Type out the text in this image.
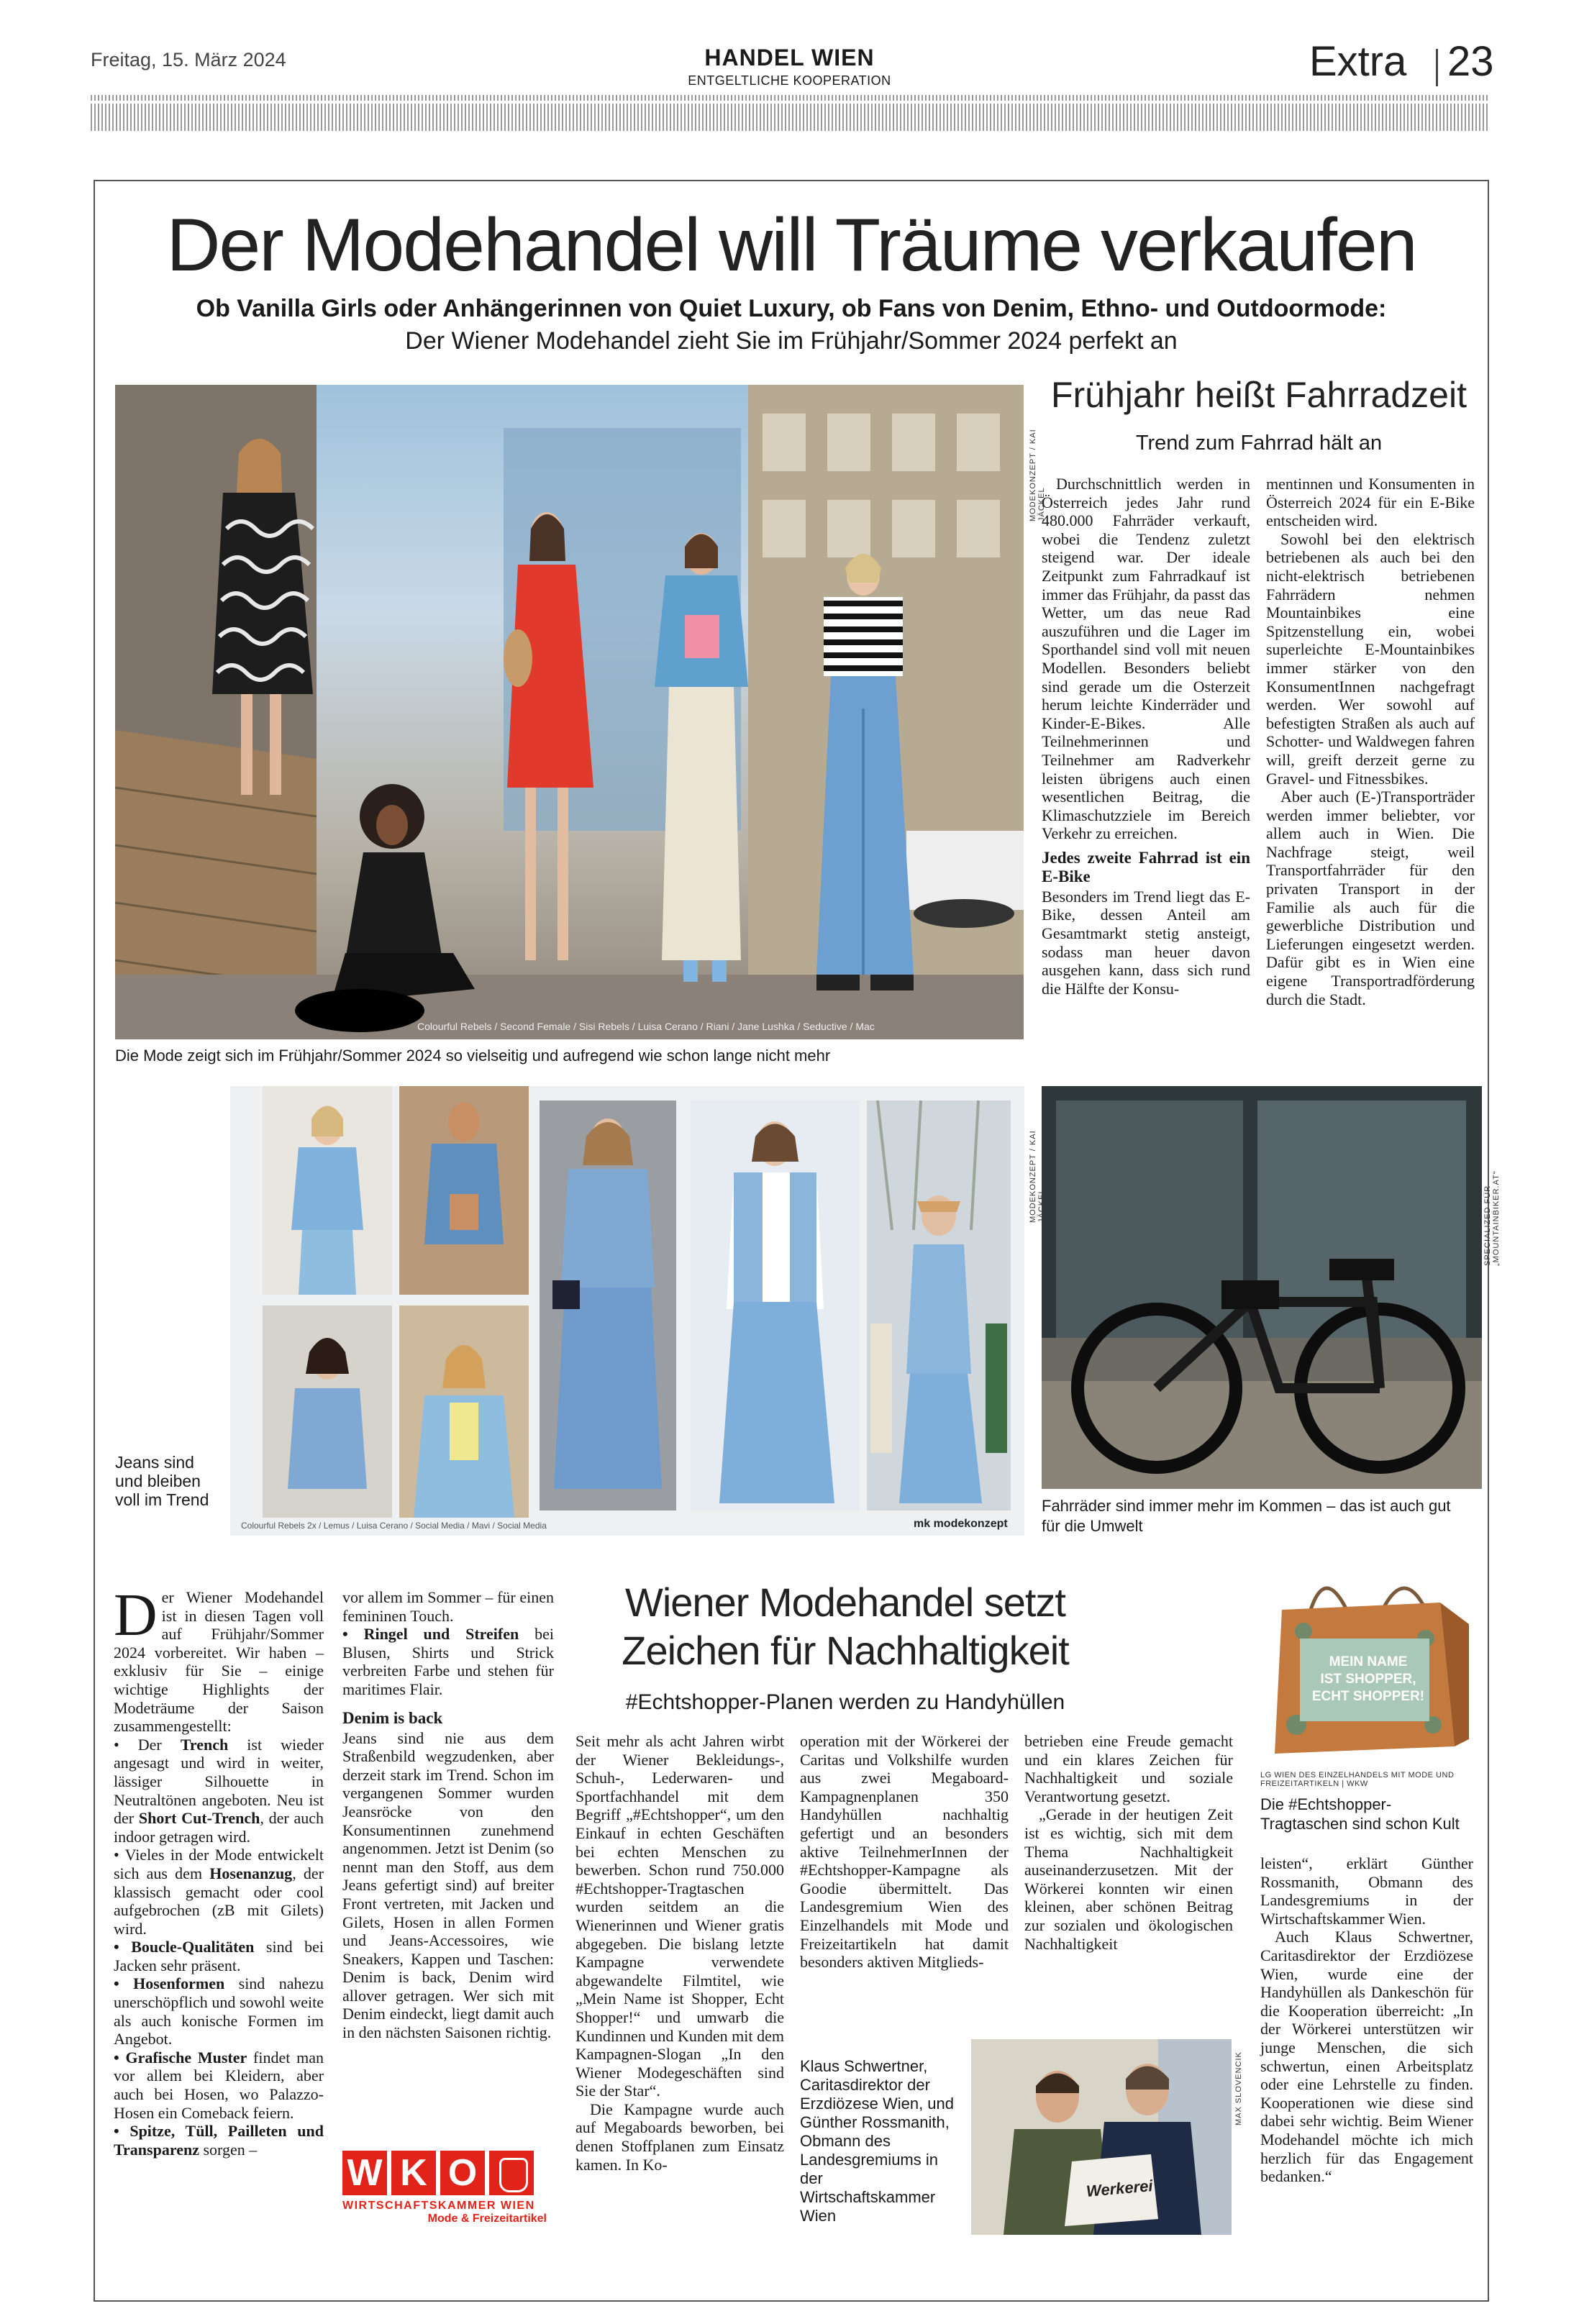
Freitag, 15. März 2024	HANDEL WIEN
ENTGELTLICHE KOOPERATION	Extra 23
Der Modehandel will Träume verkaufen
Ob Vanilla Girls oder Anhängerinnen von Quiet Luxury, ob Fans von Denim, Ethno- und Outdoormode:
Der Wiener Modehandel zieht Sie im Frühjahr/Sommer 2024 perfekt an
Colourful Rebels / Second Female / Sisi Rebels / Luisa Cerano / Riani / Jane Lushka / Seductive / Mac
MODEKONZEPT / KAI JÄCKEL
Die Mode zeigt sich im Frühjahr/Sommer 2024 so vielseitig und aufregend wie schon lange nicht mehr
Frühjahr heißt Fahrradzeit
Trend zum Fahrrad hält an

Durchschnittlich werden in Österreich jedes Jahr rund 480.000 Fahrräder verkauft, wobei die Tendenz zuletzt steigend war. Der ideale Zeitpunkt zum Fahrradkauf ist immer das Frühjahr, da passt das Wetter, um das neue Rad auszuführen und die Lager im Sporthandel sind voll mit neuen Modellen. Besonders beliebt sind gerade um die Osterzeit herum leichte Kinderräder und Kinder-E-Bikes. Alle Teilnehmerinnen und Teilnehmer am Radverkehr leisten übrigens auch einen wesentlichen Beitrag, die Klimaschutzziele im Bereich Verkehr zu erreichen.

Jedes zweite Fahrrad ist ein E-Bike

Besonders im Trend liegt das E-Bike, dessen Anteil am Gesamtmarkt stetig ansteigt, sodass man heuer davon ausgehen kann, dass sich rund die Hälfte der Konsu-

mentinnen und Konsumenten in Österreich 2024 für ein E-Bike entscheiden wird.

Sowohl bei den elektrisch betriebenen als auch bei den nicht-elektrisch betriebenen Fahrrädern nehmen Mountainbikes eine Spitzenstellung ein, wobei superleichte E-Mountainbikes immer stärker von den KonsumentInnen nachgefragt werden. Wer sowohl auf befestigten Straßen als auch auf Schotter- und Waldwegen fahren will, greift derzeit gerne zu Gravel- und Fitnessbikes.

Aber auch (E-)Transporträder werden immer beliebter, vor allem auch in Wien. Die Nachfrage steigt, weil Transportfahrräder für den privaten Transport in der Familie als auch für die gewerbliche Distribution und Lieferungen eingesetzt werden. Dafür gibt es in Wien eine eigene Transportradförderung durch die Stadt.

Colourful Rebels 2x / Lemus / Luisa Cerano / Social Media / Mavi / Social Media	mk modekonzept
MODEKONZEPT / KAI
Jeans sind und bleiben voll im Trend
SPECIALIZED FÜR „MOUNTAINBIKER.AT“
Fahrräder sind immer mehr im Kommen – das ist auch gut für die Umwelt

Der Wiener Modehandel ist in diesen Tagen voll auf Frühjahr/Sommer 2024 vorbereitet. Wir haben – exklusiv für Sie – einige wichtige Highlights der Modeträume der Saison zusammengestellt:

• Der Trench ist wieder angesagt und wird in weiter, lässiger Silhouette in Neutraltönen angeboten. Neu ist der Short Cut-Trench, der auch indoor getragen wird.

• Vieles in der Mode entwickelt sich aus dem Hosenanzug, der klassisch gemacht oder cool aufgebrochen (zB mit Gilets) wird.

• Boucle-Qualitäten sind bei Jacken sehr präsent.

• Hosenformen sind nahezu unerschöpflich und sowohl weite als auch konische Formen im Angebot.

• Grafische Muster findet man vor allem bei Kleidern, aber auch bei Hosen, wo Palazzo-Hosen ein Comeback feiern.

• Spitze, Tüll, Pailleten und Transparenz sorgen –

vor allem im Sommer – für einen femininen Touch.

• Ringel und Streifen bei Blusen, Shirts und Strick verbreiten Farbe und stehen für maritimes Flair.

Denim is back

Jeans sind nie aus dem Straßenbild wegzudenken, aber derzeit stark im Trend. Schon im vergangenen Sommer wurden Jeansröcke von den Konsumentinnen zunehmend angenommen. Jetzt ist Denim (so nennt man den Stoff, aus dem Jeans gefertigt sind) auf breiter Front vertreten, mit Jacken und Gilets, Hosen in allen Formen und Jeans-Accessoires, wie Sneakers, Kappen und Taschen: Denim is back, Denim wird allover getragen. Wer sich mit Denim eindeckt, liegt damit auch in den nächsten Saisonen richtig.

W K O
WIRTSCHAFTSKAMMER WIEN
Mode & Freizeitartikel
Wiener Modehandel setzt
Zeichen für Nachhaltigkeit
#Echtshopper-Planen werden zu Handyhüllen

Seit mehr als acht Jahren wirbt der Wiener Bekleidungs-, Schuh-, Lederwaren- und Sportfachhandel mit dem Begriff „#Echtshopper“, um den Einkauf in echten Geschäften bei echten Menschen zu bewerben. Schon rund 750.000 #Echtshopper-Tragtaschen wurden seitdem an die Wienerinnen und Wiener gratis abgegeben. Die bislang letzte Kampagne verwendete abgewandelte Filmtitel, wie „Mein Name ist Shopper, Echt Shopper!“ und umwarb die Kundinnen und Kunden mit dem Kampagnen-Slogan „In den Wiener Modegeschäften sind Sie der Star“.

Die Kampagne wurde auch auf Megaboards beworben, bei denen Stoffplanen zum Einsatz kamen. In Ko-

operation mit der Wörkerei der Caritas und Volkshilfe wurden aus zwei Megaboard-Kampagnenplanen 350 Handyhüllen nachhaltig gefertigt und an besonders aktive TeilnehmerInnen der #Echtshopper-Kampagne als Goodie übermittelt. Das Landesgremium Wien des Einzelhandels mit Mode und Freizeitartikeln hat damit besonders aktiven Mitglieds-

betrieben eine Freude gemacht und ein klares Zeichen für Nachhaltigkeit und soziale Verantwortung gesetzt.

„Gerade in der heutigen Zeit ist es wichtig, sich mit dem Thema Nachhaltigkeit auseinanderzusetzen. Mit der Wörkerei konnten wir einen kleinen, aber schönen Beitrag zur sozialen und ökologischen Nachhaltigkeit

leisten“, erklärt Günther Rossmanith, Obmann des Landesgremiums in der Wirtschaftskammer Wien.

Auch Klaus Schwertner, Caritasdirektor der Erzdiözese Wien, wurde eine der Handyhüllen als Dankeschön für die Kooperation überreicht: „In der Wörkerei unterstützen wir junge Menschen, die sich schwertun, einen Arbeitsplatz oder eine Lehrstelle zu finden. Kooperationen wie diese sind dabei sehr wichtig. Beim Wiener Modehandel möchte ich mich herzlich für das Engagement bedanken.“

MEIN NAME
IST SHOPPER,
ECHT SHOPPER!
LG WIEN DES EINZELHANDELS MIT MODE UND FREIZEITARTIKELN | WKW
Die #Echtshopper-Tragtaschen sind schon Kult
Klaus Schwertner, Caritasdirektor der Erzdiözese Wien, und Günther Rossmanith, Obmann des Landesgremiums in der Wirtschaftskammer Wien
Werkerei
MAX SLOVENCIK
